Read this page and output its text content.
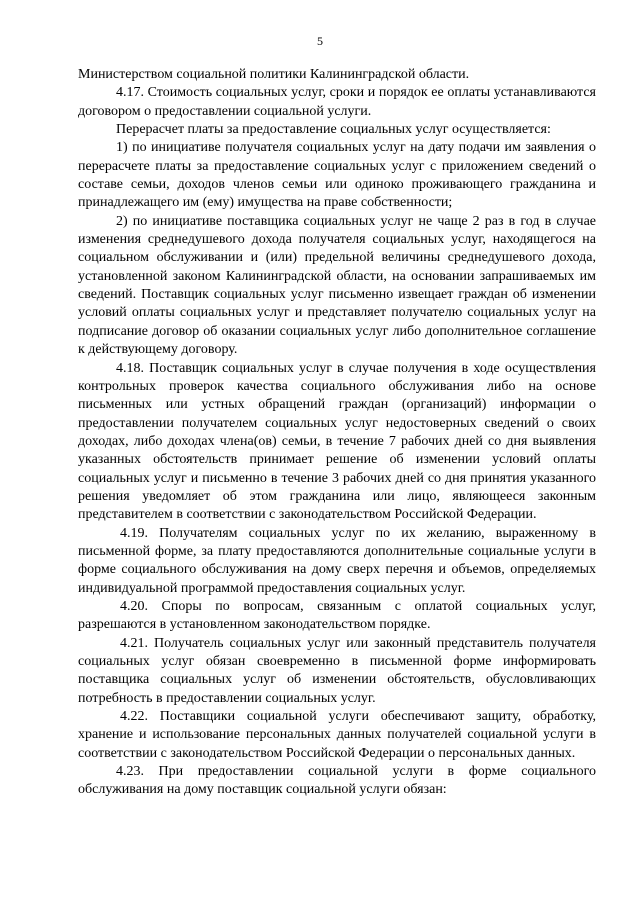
5

Министерством социальной политики Калининградской области.

4.17. Стоимость социальных услуг, сроки и порядок ее оплаты устанавливаются договором о предоставлении социальной услуги.

Перерасчет платы за предоставление социальных услуг осуществляется:

1) по инициативе получателя социальных услуг на дату подачи им заявления о перерасчете платы за предоставление социальных услуг с приложением сведений о составе семьи, доходов членов семьи или одиноко проживающего гражданина и принадлежащего им (ему) имущества на праве собственности;

2) по инициативе поставщика социальных услуг не чаще 2 раз в год в случае изменения среднедушевого дохода получателя социальных услуг, находящегося на социальном обслуживании и (или) предельной величины среднедушевого дохода, установленной законом Калининградской области, на основании запрашиваемых им сведений. Поставщик социальных услуг письменно извещает граждан об изменении условий оплаты социальных услуг и представляет получателю социальных услуг на подписание договор об оказании социальных услуг либо дополнительное соглашение к действующему договору.

4.18. Поставщик социальных услуг в случае получения в ходе осуществления контрольных проверок качества социального обслуживания либо на основе письменных или устных обращений граждан (организаций) информации о предоставлении получателем социальных услуг недостоверных сведений о своих доходах, либо доходах члена(ов) семьи, в течение 7 рабочих дней со дня выявления указанных обстоятельств принимает решение об изменении условий оплаты социальных услуг и письменно в течение 3 рабочих дней со дня принятия указанного решения уведомляет об этом гражданина или лицо, являющееся законным представителем в соответствии с законодательством Российской Федерации.

4.19. Получателям социальных услуг по их желанию, выраженному в письменной форме, за плату предоставляются дополнительные социальные услуги в форме социального обслуживания на дому сверх перечня и объемов, определяемых индивидуальной программой предоставления социальных услуг.

4.20. Споры по вопросам, связанным с оплатой социальных услуг, разрешаются в установленном законодательством порядке.

4.21. Получатель социальных услуг или законный представитель получателя социальных услуг обязан своевременно в письменной форме информировать поставщика социальных услуг об изменении обстоятельств, обусловливающих потребность в предоставлении социальных услуг.

4.22. Поставщики социальной услуги обеспечивают защиту, обработку, хранение и использование персональных данных получателей социальной услуги в соответствии с законодательством Российской Федерации о персональных данных.

4.23. При предоставлении социальной услуги в форме социального обслуживания на дому поставщик социальной услуги обязан:
